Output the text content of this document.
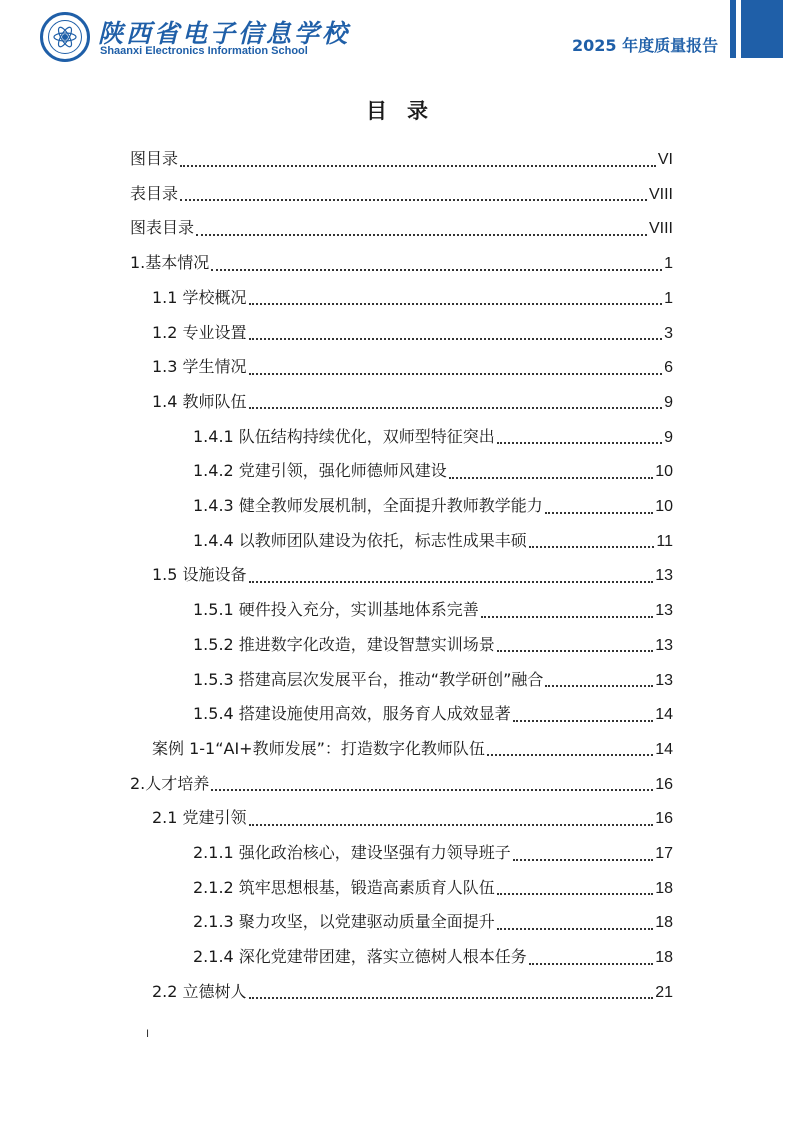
陕西省电子信息学校
Shaanxi Electronics Information School	2025 年度质量报告
目录
图目录	VI
表目录	VIII
图表目录	VIII
1.基本情况	1
1.1 学校概况	1
1.2 专业设置	3
1.3 学生情况	6
1.4 教师队伍	9
1.4.1 队伍结构持续优化，双师型特征突出	9
1.4.2 党建引领，强化师德师风建设	10
1.4.3 健全教师发展机制，全面提升教师教学能力	10
1.4.4 以教师团队建设为依托，标志性成果丰硕	11
1.5 设施设备	13
1.5.1 硬件投入充分，实训基地体系完善	13
1.5.2 推进数字化改造，建设智慧实训场景	13
1.5.3 搭建高层次发展平台，推动“教学研创”融合	13
1.5.4 搭建设施使用高效，服务育人成效显著	14
案例 1-1“AI+教师发展”：打造数字化教师队伍	14
2.人才培养	16
2.1 党建引领	16
2.1.1 强化政治核心，建设坚强有力领导班子	17
2.1.2 筑牢思想根基，锻造高素质育人队伍	18
2.1.3 聚力攻坚，以党建驱动质量全面提升	18
2.1.4 深化党建带团建，落实立德树人根本任务	18
2.2 立德树人	21
I
